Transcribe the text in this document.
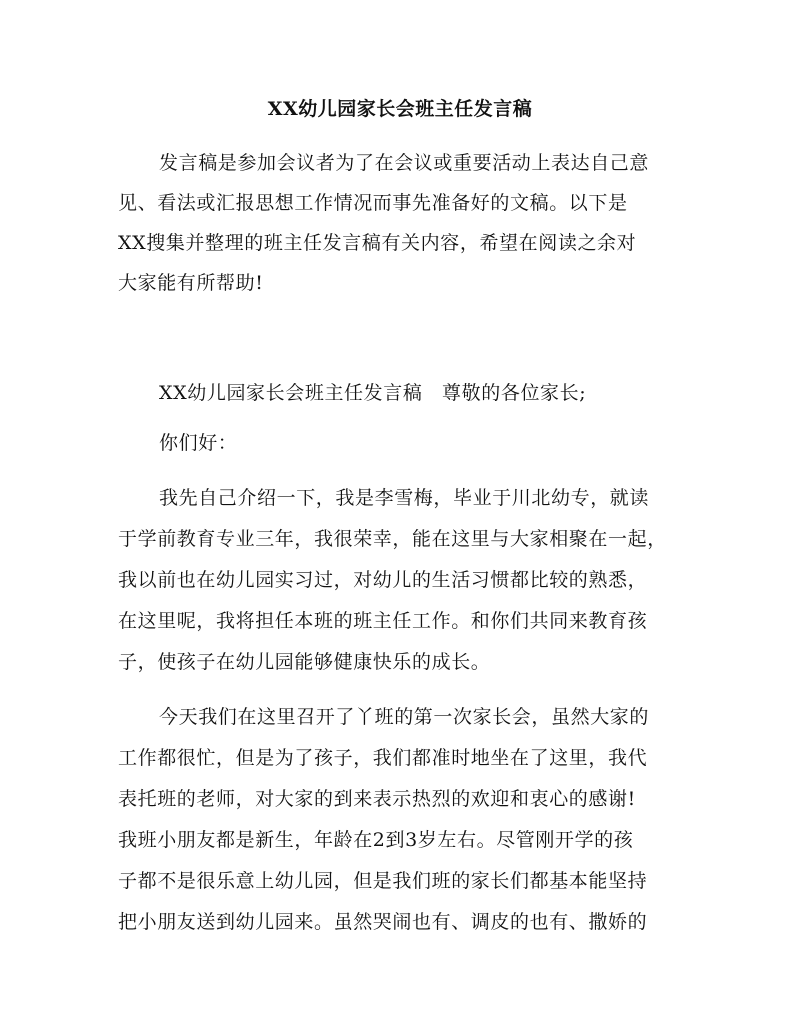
XX幼儿园家长会班主任发言稿
发言稿是参加会议者为了在会议或重要活动上表达自己意
见、看法或汇报思想工作情况而事先准备好的文稿。以下是
XX搜集并整理的班主任发言稿有关内容，希望在阅读之余对
大家能有所帮助!
XX幼儿园家长会班主任发言稿　尊敬的各位家长;
你们好：
我先自己介绍一下，我是李雪梅，毕业于川北幼专，就读
于学前教育专业三年，我很荣幸，能在这里与大家相聚在一起，
我以前也在幼儿园实习过，对幼儿的生活习惯都比较的熟悉，
在这里呢，我将担任本班的班主任工作。和你们共同来教育孩
子，使孩子在幼儿园能够健康快乐的成长。
今天我们在这里召开了丫班的第一次家长会，虽然大家的
工作都很忙，但是为了孩子，我们都准时地坐在了这里，我代
表托班的老师，对大家的到来表示热烈的欢迎和衷心的感谢!
我班小朋友都是新生，年龄在2到3岁左右。尽管刚开学的孩
子都不是很乐意上幼儿园，但是我们班的家长们都基本能坚持
把小朋友送到幼儿园来。虽然哭闹也有、调皮的也有、撒娇的
